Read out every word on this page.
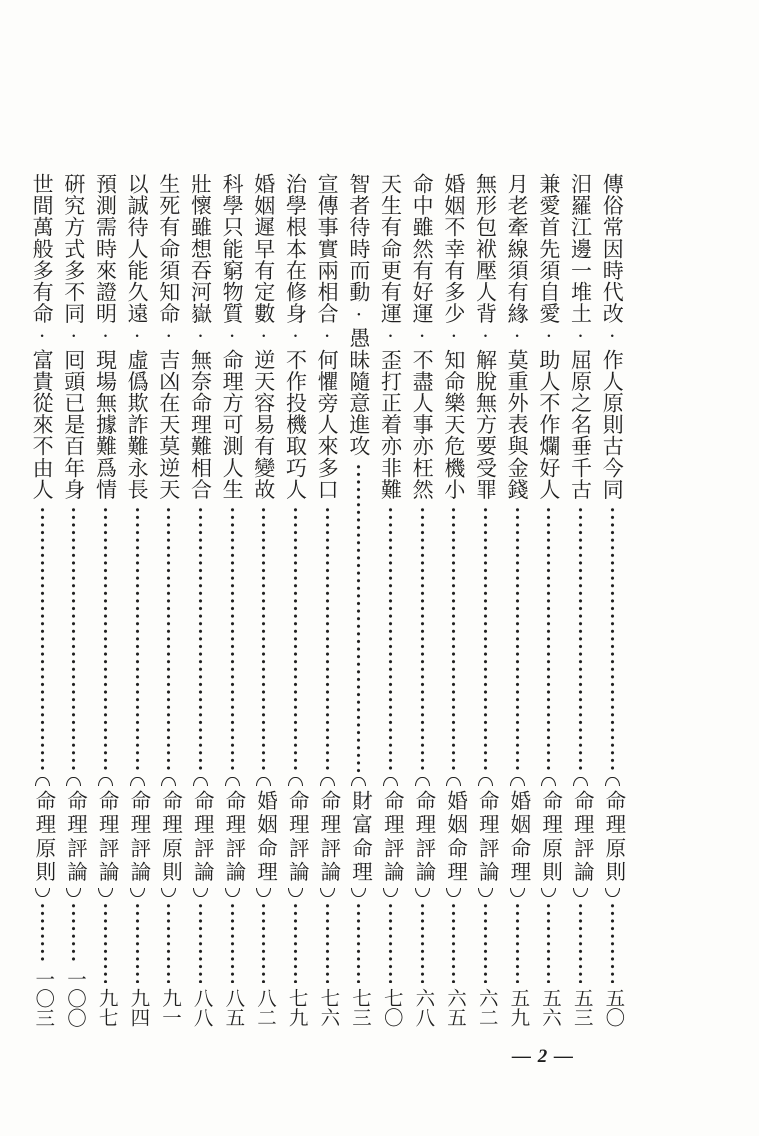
傳俗常因時代改·作人原則古今同
命理原則
五〇
汨羅江邊一堆土·屈原之名垂千古
命理評論
五三
兼愛首先須自愛·助人不作爛好人
命理原則
五六
月老牽線須有緣·莫重外表與金錢
婚姻命理
五九
無形包袱壓人背·解脫無方要受罪
命理評論
六二
婚姻不幸有多少·知命樂天危機小
婚姻命理
六五
命中雖然有好運·不盡人事亦枉然
命理評論
六八
天生有命更有運·歪打正着亦非難
命理評論
七〇
智者待時而動·愚昧隨意進攻
財富命理
七三
宣傳事實兩相合·何懼旁人來多口
命理評論
七六
治學根本在修身·不作投機取巧人
命理評論
七九
婚姻遲早有定數·逆天容易有變故
婚姻命理
八二
科學只能窮物質·命理方可測人生
命理評論
八五
壯懷雖想吞河嶽·無奈命理難相合
命理評論
八八
生死有命須知命·吉凶在天莫逆天
命理原則
九一
以誠待人能久遠·虛僞欺詐難永長
命理評論
九四
預測需時來證明·現場無據難爲情
命理評論
九七
硏究方式多不同·囘頭已是百年身
命理評論
一〇〇
世間萬般多有命·富貴從來不由人
命理原則
一〇三
— 2 —
